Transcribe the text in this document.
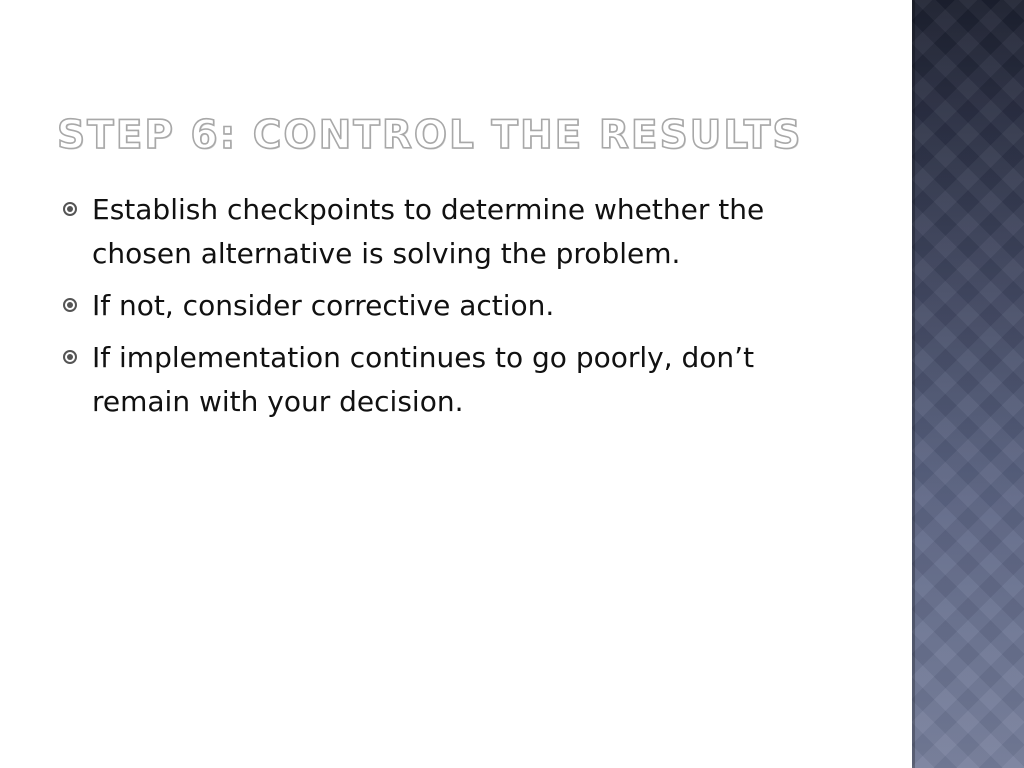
STEP 6: CONTROL THE RESULTS
Establish checkpoints to determine whether the chosen alternative is solving the problem.
If not, consider corrective action.
If implementation continues to go poorly, don’t remain with your decision.
